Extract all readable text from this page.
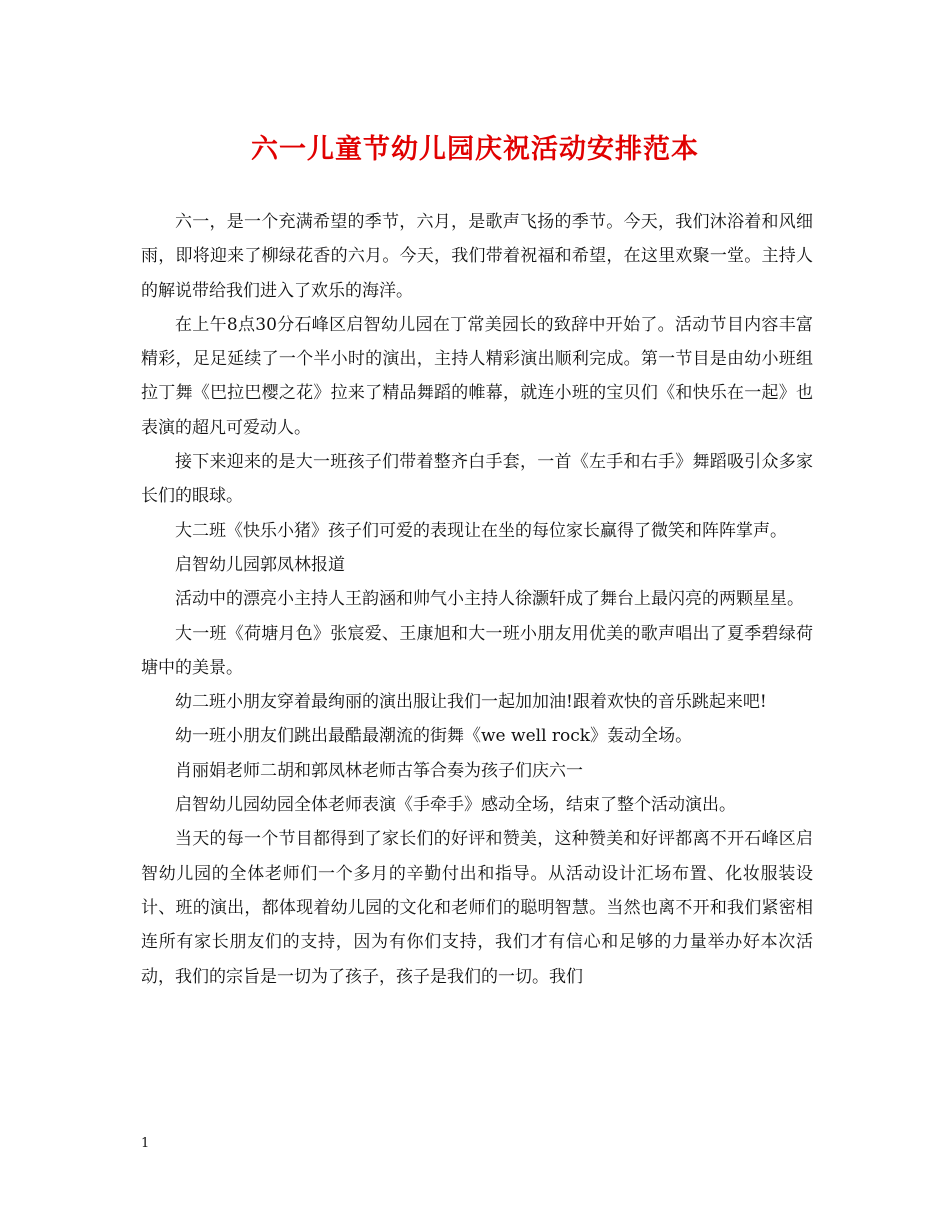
六一儿童节幼儿园庆祝活动安排范本

六一，是一个充满希望的季节，六月，是歌声飞扬的季节。今天，我们沐浴着和风细雨，即将迎来了柳绿花香的六月。今天，我们带着祝福和希望，在这里欢聚一堂。主持人的解说带给我们进入了欢乐的海洋。

在上午8点30分石峰区启智幼儿园在丁常美园长的致辞中开始了。活动节目内容丰富精彩，足足延续了一个半小时的演出，主持人精彩演出顺利完成。第一节目是由幼小班组拉丁舞《巴拉巴樱之花》拉来了精品舞蹈的帷幕，就连小班的宝贝们《和快乐在一起》也表演的超凡可爱动人。

接下来迎来的是大一班孩子们带着整齐白手套，一首《左手和右手》舞蹈吸引众多家长们的眼球。

大二班《快乐小猪》孩子们可爱的表现让在坐的每位家长赢得了微笑和阵阵掌声。

启智幼儿园郭凤林报道

活动中的漂亮小主持人王韵涵和帅气小主持人徐灏轩成了舞台上最闪亮的两颗星星。

大一班《荷塘月色》张宸爱、王康旭和大一班小朋友用优美的歌声唱出了夏季碧绿荷塘中的美景。

幼二班小朋友穿着最绚丽的演出服让我们一起加加油!跟着欢快的音乐跳起来吧!

幼一班小朋友们跳出最酷最潮流的街舞《we well rock》轰动全场。

肖丽娟老师二胡和郭凤林老师古筝合奏为孩子们庆六一

启智幼儿园幼园全体老师表演《手牵手》感动全场，结束了整个活动演出。

当天的每一个节目都得到了家长们的好评和赞美，这种赞美和好评都离不开石峰区启智幼儿园的全体老师们一个多月的辛勤付出和指导。从活动设计汇场布置、化妆服装设计、班的演出，都体现着幼儿园的文化和老师们的聪明智慧。当然也离不开和我们紧密相连所有家长朋友们的支持，因为有你们支持，我们才有信心和足够的力量举办好本次活动，我们的宗旨是一切为了孩子，孩子是我们的一切。我们

1
